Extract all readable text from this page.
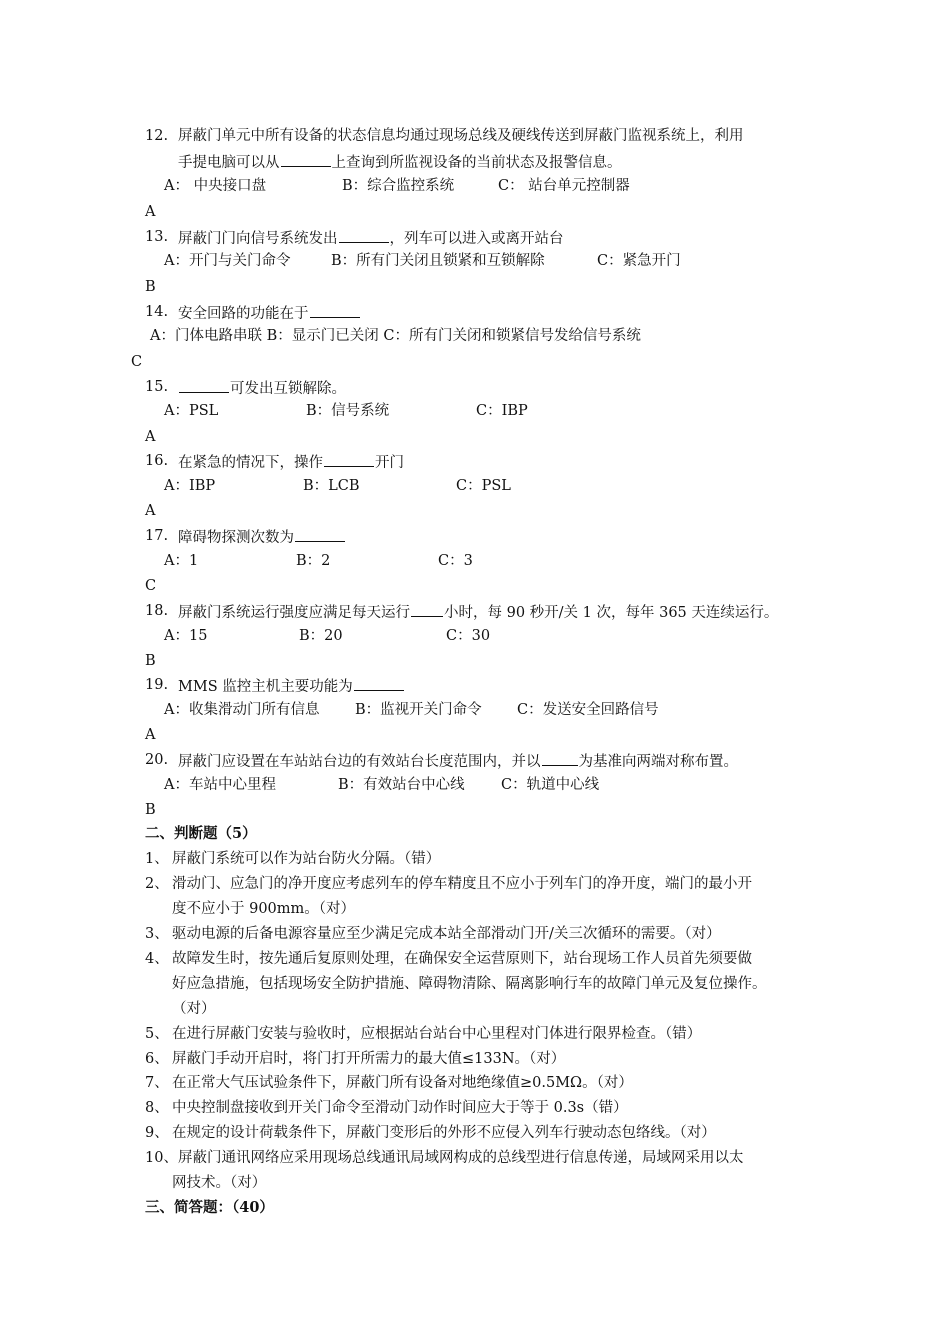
12. 屏蔽门单元中所有设备的状态信息均通过现场总线及硬线传送到屏蔽门监视系统上，利用
手提电脑可以从	上查询到所监视设备的当前状态及报警信息。
A： 中央接口盘	B：综合监控系统	C： 站台单元控制器
A
13. 屏蔽门门向信号系统发出	，列车可以进入或离开站台
A：开门与关门命令	B：所有门关闭且锁紧和互锁解除	C：紧急开门
B
14. 安全回路的功能在于
A：门体电路串联 B：显示门已关闭 C：所有门关闭和锁紧信号发给信号系统
C
15.	可发出互锁解除。
A：PSL	B：信号系统	C：IBP
A
16. 在紧急的情况下，操作	开门
A：IBP	B：LCB	C：PSL
A
17. 障碍物探测次数为
A：1	B：2	C：3
C
18. 屏蔽门系统运行强度应满足每天运行 小时，每 90 秒开/关 1 次，每年 365 天连续运行。
A：15	B：20	C：30
B
19. MMS 监控主机主要功能为
A：收集滑动门所有信息 B：监视开关门命令 C：发送安全回路信号
A
20. 屏蔽门应设置在车站站台边的有效站台长度范围内，并以	为基准向两端对称布置。
A：车站中心里程	B：有效站台中心线	C：轨道中心线
B
二、判断题（5）
1、 屏蔽门系统可以作为站台防火分隔。（错）
2、 滑动门、应急门的净开度应考虑列车的停车精度且不应小于列车门的净开度，端门的最小开
度不应小于 900mm。（对）
3、 驱动电源的后备电源容量应至少满足完成本站全部滑动门开/关三次循环的需要。（对）
4、 故障发生时，按先通后复原则处理，在确保安全运营原则下，站台现场工作人员首先须要做
好应急措施，包括现场安全防护措施、障碍物清除、隔离影响行车的故障门单元及复位操作。
（对）
5、 在进行屏蔽门安装与验收时，应根据站台站台中心里程对门体进行限界检查。（错）
6、 屏蔽门手动开启时，将门打开所需力的最大值≤133N。（对）
7、 在正常大气压试验条件下，屏蔽门所有设备对地绝缘值≥0.5MΩ。（对）
8、 中央控制盘接收到开关门命令至滑动门动作时间应大于等于 0.3s（错）
9、 在规定的设计荷载条件下，屏蔽门变形后的外形不应侵入列车行驶动态包络线。（对）
10、 屏蔽门通讯网络应采用现场总线通讯局域网构成的总线型进行信息传递，局域网采用以太
网技术。（对）
三、简答题：（40）
